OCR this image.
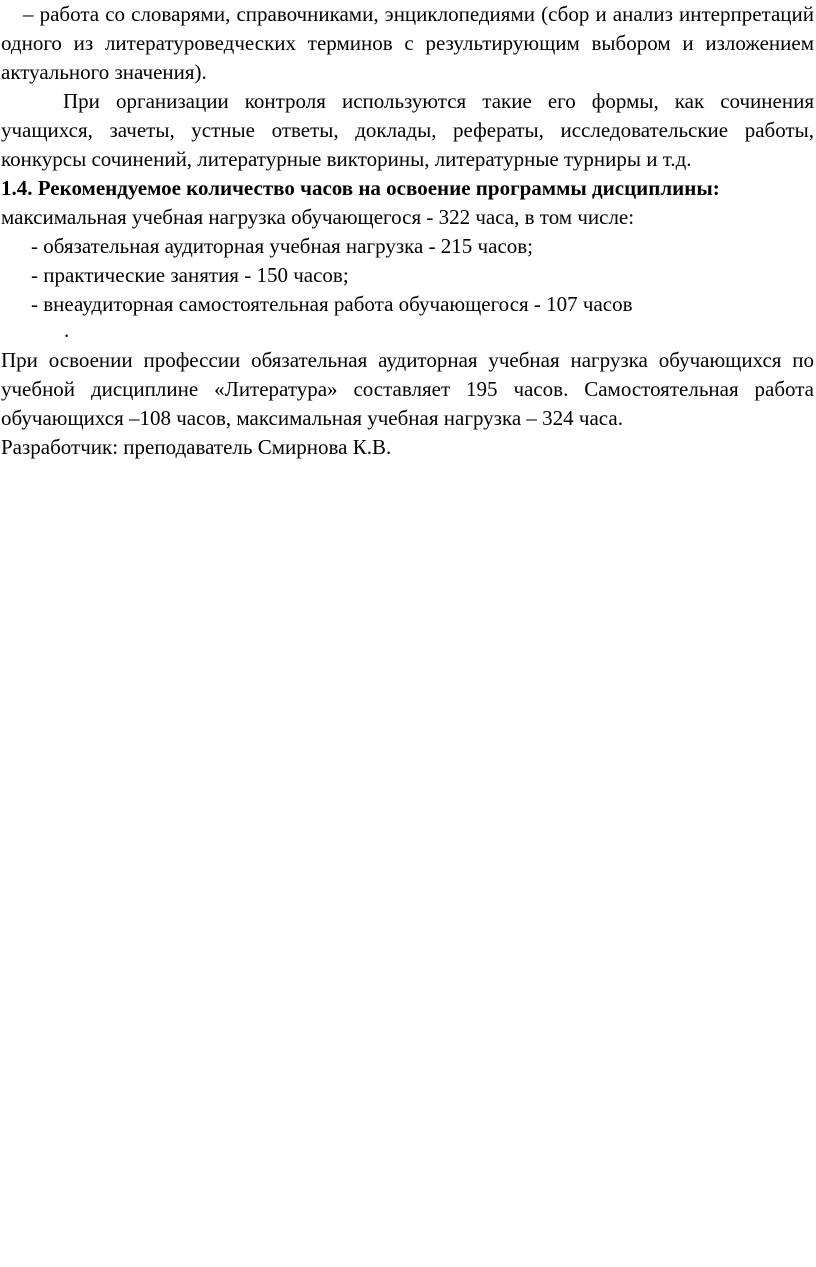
– работа со словарями, справочниками, энциклопедиями (сбор и анализ интерпретаций одного из литературоведческих терминов с результирующим выбором и изложением актуального значения).

При организации контроля используются такие его формы, как сочинения учащихся, зачеты, устные ответы, доклады, рефераты, исследовательские работы, конкурсы сочинений, литературные викторины, литературные турниры и т.д.

1.4. Рекомендуемое количество часов на освоение программы дисциплины:

максимальная учебная нагрузка обучающегося - 322 часа, в том числе:

- обязательная аудиторная учебная нагрузка - 215 часов;

- практические занятия - 150 часов;

- внеаудиторная самостоятельная работа обучающегося - 107 часов

.

При освоении профессии обязательная аудиторная учебная нагрузка обучающихся по учебной дисциплине «Литература» составляет 195 часов. Самостоятельная работа обучающихся –108 часов, максимальная учебная нагрузка – 324 часа.

Разработчик: преподаватель Смирнова К.В.
